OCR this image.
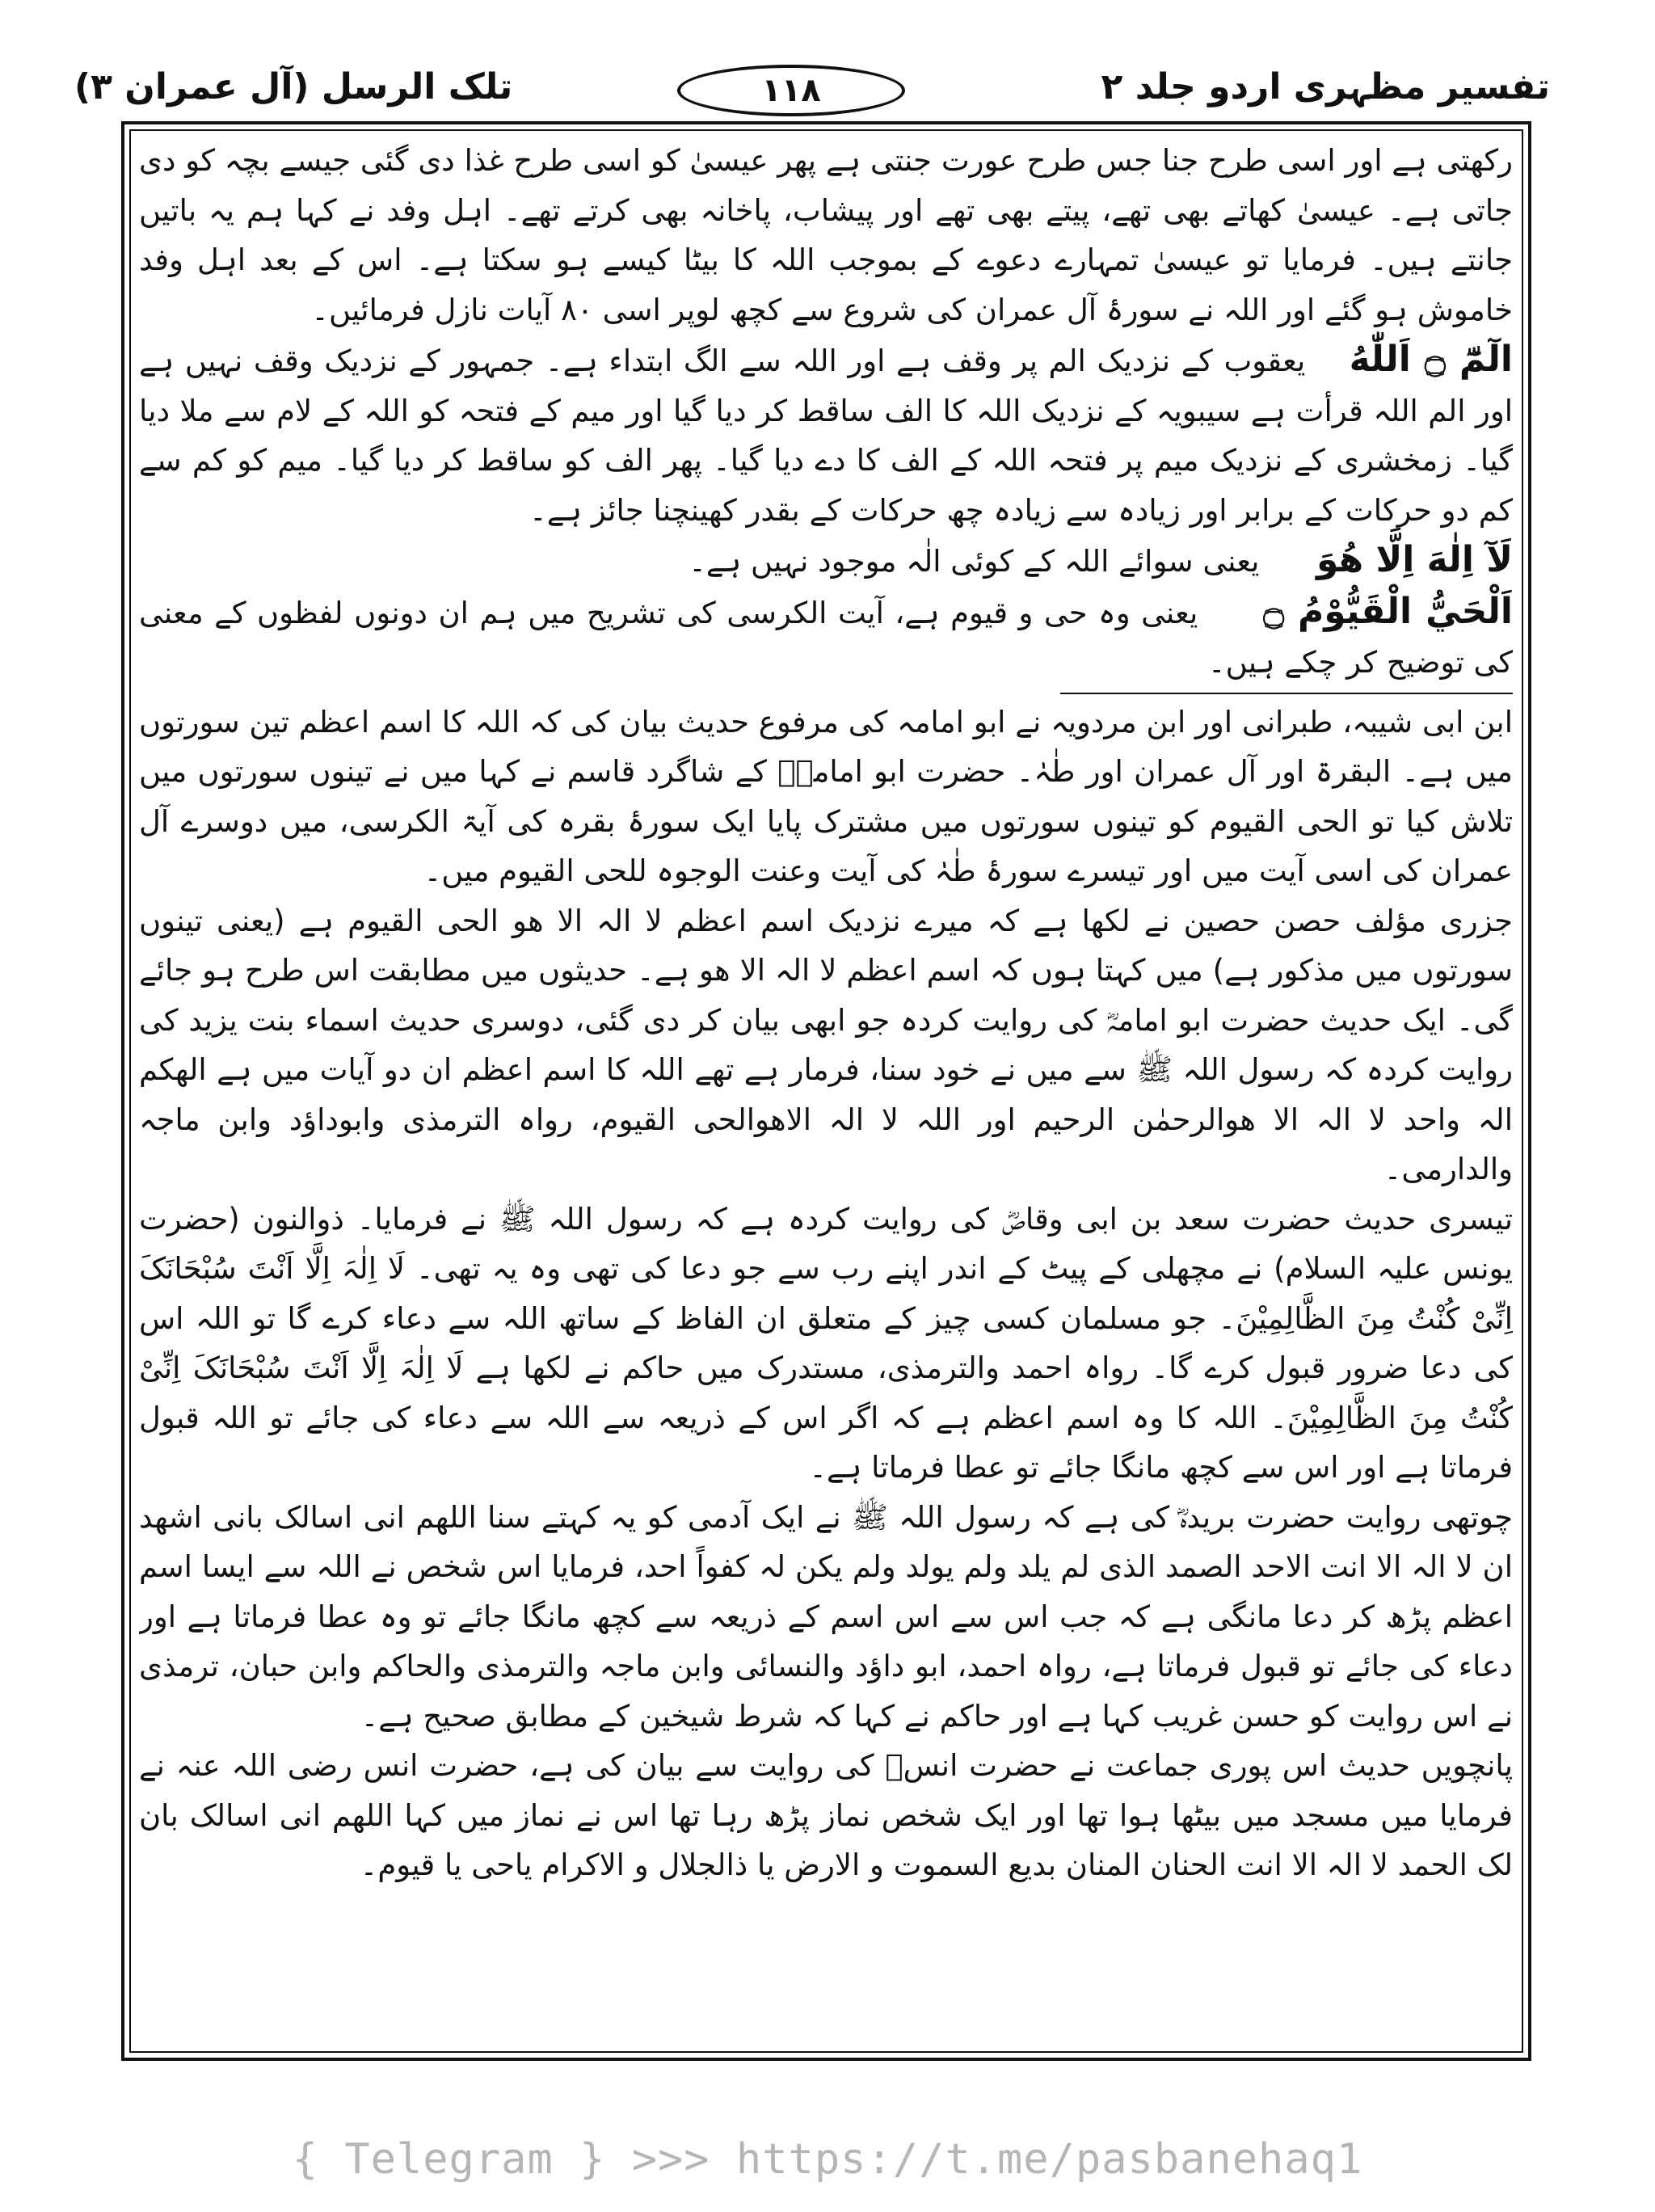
تفسیر مظہری اردو جلد ۲
۱۱۸
تلک الرسل (آل عمران ۳)

رکھتی ہے اور اسی طرح جنا جس طرح عورت جنتی ہے پھر عیسیٰ کو اسی طرح غذا دی گئی جیسے بچہ کو دی جاتی ہے۔ عیسیٰ کھاتے بھی تھے، پیتے بھی تھے اور پیشاب، پاخانہ بھی کرتے تھے۔ اہل وفد نے کہا ہم یہ باتیں جانتے ہیں۔ فرمایا تو عیسیٰ تمہارے دعوے کے بموجب اللہ کا بیٹا کیسے ہو سکتا ہے۔ اس کے بعد اہل وفد خاموش ہو گئے اور اللہ نے سورۂ آل عمران کی شروع سے کچھ لوپر اسی ۸۰ آیات نازل فرمائیں۔

الٓمّٓ ۝ اَللّٰهُ    یعقوب کے نزدیک الم پر وقف ہے اور اللہ سے الگ ابتداء ہے۔ جمہور کے نزدیک وقف نہیں ہے اور الم اللہ قرأت ہے سیبویہ کے نزدیک اللہ کا الف ساقط کر دیا گیا اور میم کے فتحہ کو اللہ کے لام سے ملا دیا گیا۔ زمخشری کے نزدیک میم پر فتحہ اللہ کے الف کا دے دیا گیا۔ پھر الف کو ساقط کر دیا گیا۔ میم کو کم سے کم دو حرکات کے برابر اور زیادہ سے زیادہ چھ حرکات کے بقدر کھینچنا جائز ہے۔

لَآ اِلٰهَ اِلَّا هُوَ      یعنی سوائے اللہ کے کوئی الٰہ موجود نہیں ہے۔

اَلْحَيُّ الْقَيُّوْمُ ۝      یعنی وہ حی و قیوم ہے، آیت الکرسی کی تشریح میں ہم ان دونوں لفظوں کے معنی کی توضیح کر چکے ہیں۔

ابن ابی شیبہ، طبرانی اور ابن مردویہ نے ابو امامہ کی مرفوع حدیث بیان کی کہ اللہ کا اسم اعظم تین سورتوں میں ہے۔ البقرۃ اور آل عمران اور طٰہٰ۔ حضرت ابو امامہؓ کے شاگرد قاسم نے کہا میں نے تینوں سورتوں میں تلاش کیا تو الحی القیوم کو تینوں سورتوں میں مشترک پایا ایک سورۂ بقرہ کی آیۃ الکرسی، میں دوسرے آل عمران کی اسی آیت میں اور تیسرے سورۂ طٰہٰ کی آیت وعنت الوجوہ للحی القیوم میں۔

جزری مؤلف حصن حصین نے لکھا ہے کہ میرے نزدیک اسم اعظم لا الہ الا ھو الحی القیوم ہے (یعنی تینوں سورتوں میں مذکور ہے) میں کہتا ہوں کہ اسم اعظم لا الہ الا ھو ہے۔ حدیثوں میں مطابقت اس طرح ہو جائے گی۔ ایک حدیث حضرت ابو امامہؓ کی روایت کردہ جو ابھی بیان کر دی گئی، دوسری حدیث اسماء بنت یزید کی روایت کردہ کہ رسول اللہ ﷺ سے میں نے خود سنا، فرمار ہے تھے اللہ کا اسم اعظم ان دو آیات میں ہے الھکم الہ واحد لا الہ الا ھوالرحمٰن الرحیم اور اللہ لا الہ الاھوالحی القیوم، رواہ الترمذی وابوداؤد وابن ماجہ والدارمی۔

تیسری حدیث حضرت سعد بن ابی وقاصؓ کی روایت کردہ ہے کہ رسول اللہ ﷺ نے فرمایا۔ ذوالنون (حضرت یونس علیہ السلام) نے مچھلی کے پیٹ کے اندر اپنے رب سے جو دعا کی تھی وہ یہ تھی۔ لَا اِلٰہَ اِلَّا اَنْتَ سُبْحَانَکَ اِنِّیْ کُنْتُ مِنَ الظَّالِمِیْنَ۔ جو مسلمان کسی چیز کے متعلق ان الفاظ کے ساتھ اللہ سے دعاء کرے گا تو اللہ اس کی دعا ضرور قبول کرے گا۔ رواہ احمد والترمذی، مستدرک میں حاکم نے لکھا ہے لَا اِلٰہَ اِلَّا اَنْتَ سُبْحَانَکَ اِنِّیْ کُنْتُ مِنَ الظَّالِمِیْنَ۔ اللہ کا وہ اسم اعظم ہے کہ اگر اس کے ذریعہ سے اللہ سے دعاء کی جائے تو اللہ قبول فرماتا ہے اور اس سے کچھ مانگا جائے تو عطا فرماتا ہے۔

چوتھی روایت حضرت بریدہؓ کی ہے کہ رسول اللہ ﷺ نے ایک آدمی کو یہ کہتے سنا اللھم انی اسالک بانی اشھد ان لا الہ الا انت الاحد الصمد الذی لم یلد ولم یولد ولم یکن لہ کفواً احد، فرمایا اس شخص نے اللہ سے ایسا اسم اعظم پڑھ کر دعا مانگی ہے کہ جب اس سے اس اسم کے ذریعہ سے کچھ مانگا جائے تو وہ عطا فرماتا ہے اور دعاء کی جائے تو قبول فرماتا ہے، رواہ احمد، ابو داؤد والنسائی وابن ماجہ والترمذی والحاکم وابن حبان، ترمذی نے اس روایت کو حسن غریب کہا ہے اور حاکم نے کہا کہ شرط شیخین کے مطابق صحیح ہے۔

پانچویں حدیث اس پوری جماعت نے حضرت انسؓ کی روایت سے بیان کی ہے، حضرت انس رضی اللہ عنہ نے فرمایا میں مسجد میں بیٹھا ہوا تھا اور ایک شخص نماز پڑھ رہا تھا اس نے نماز میں کہا اللھم انی اسالک بان لک الحمد لا الہ الا انت الحنان المنان بدیع السموت و الارض یا ذالجلال و الاکرام یاحی یا قیوم۔

{ Telegram } >>> https://t.me/pasbanehaq1
